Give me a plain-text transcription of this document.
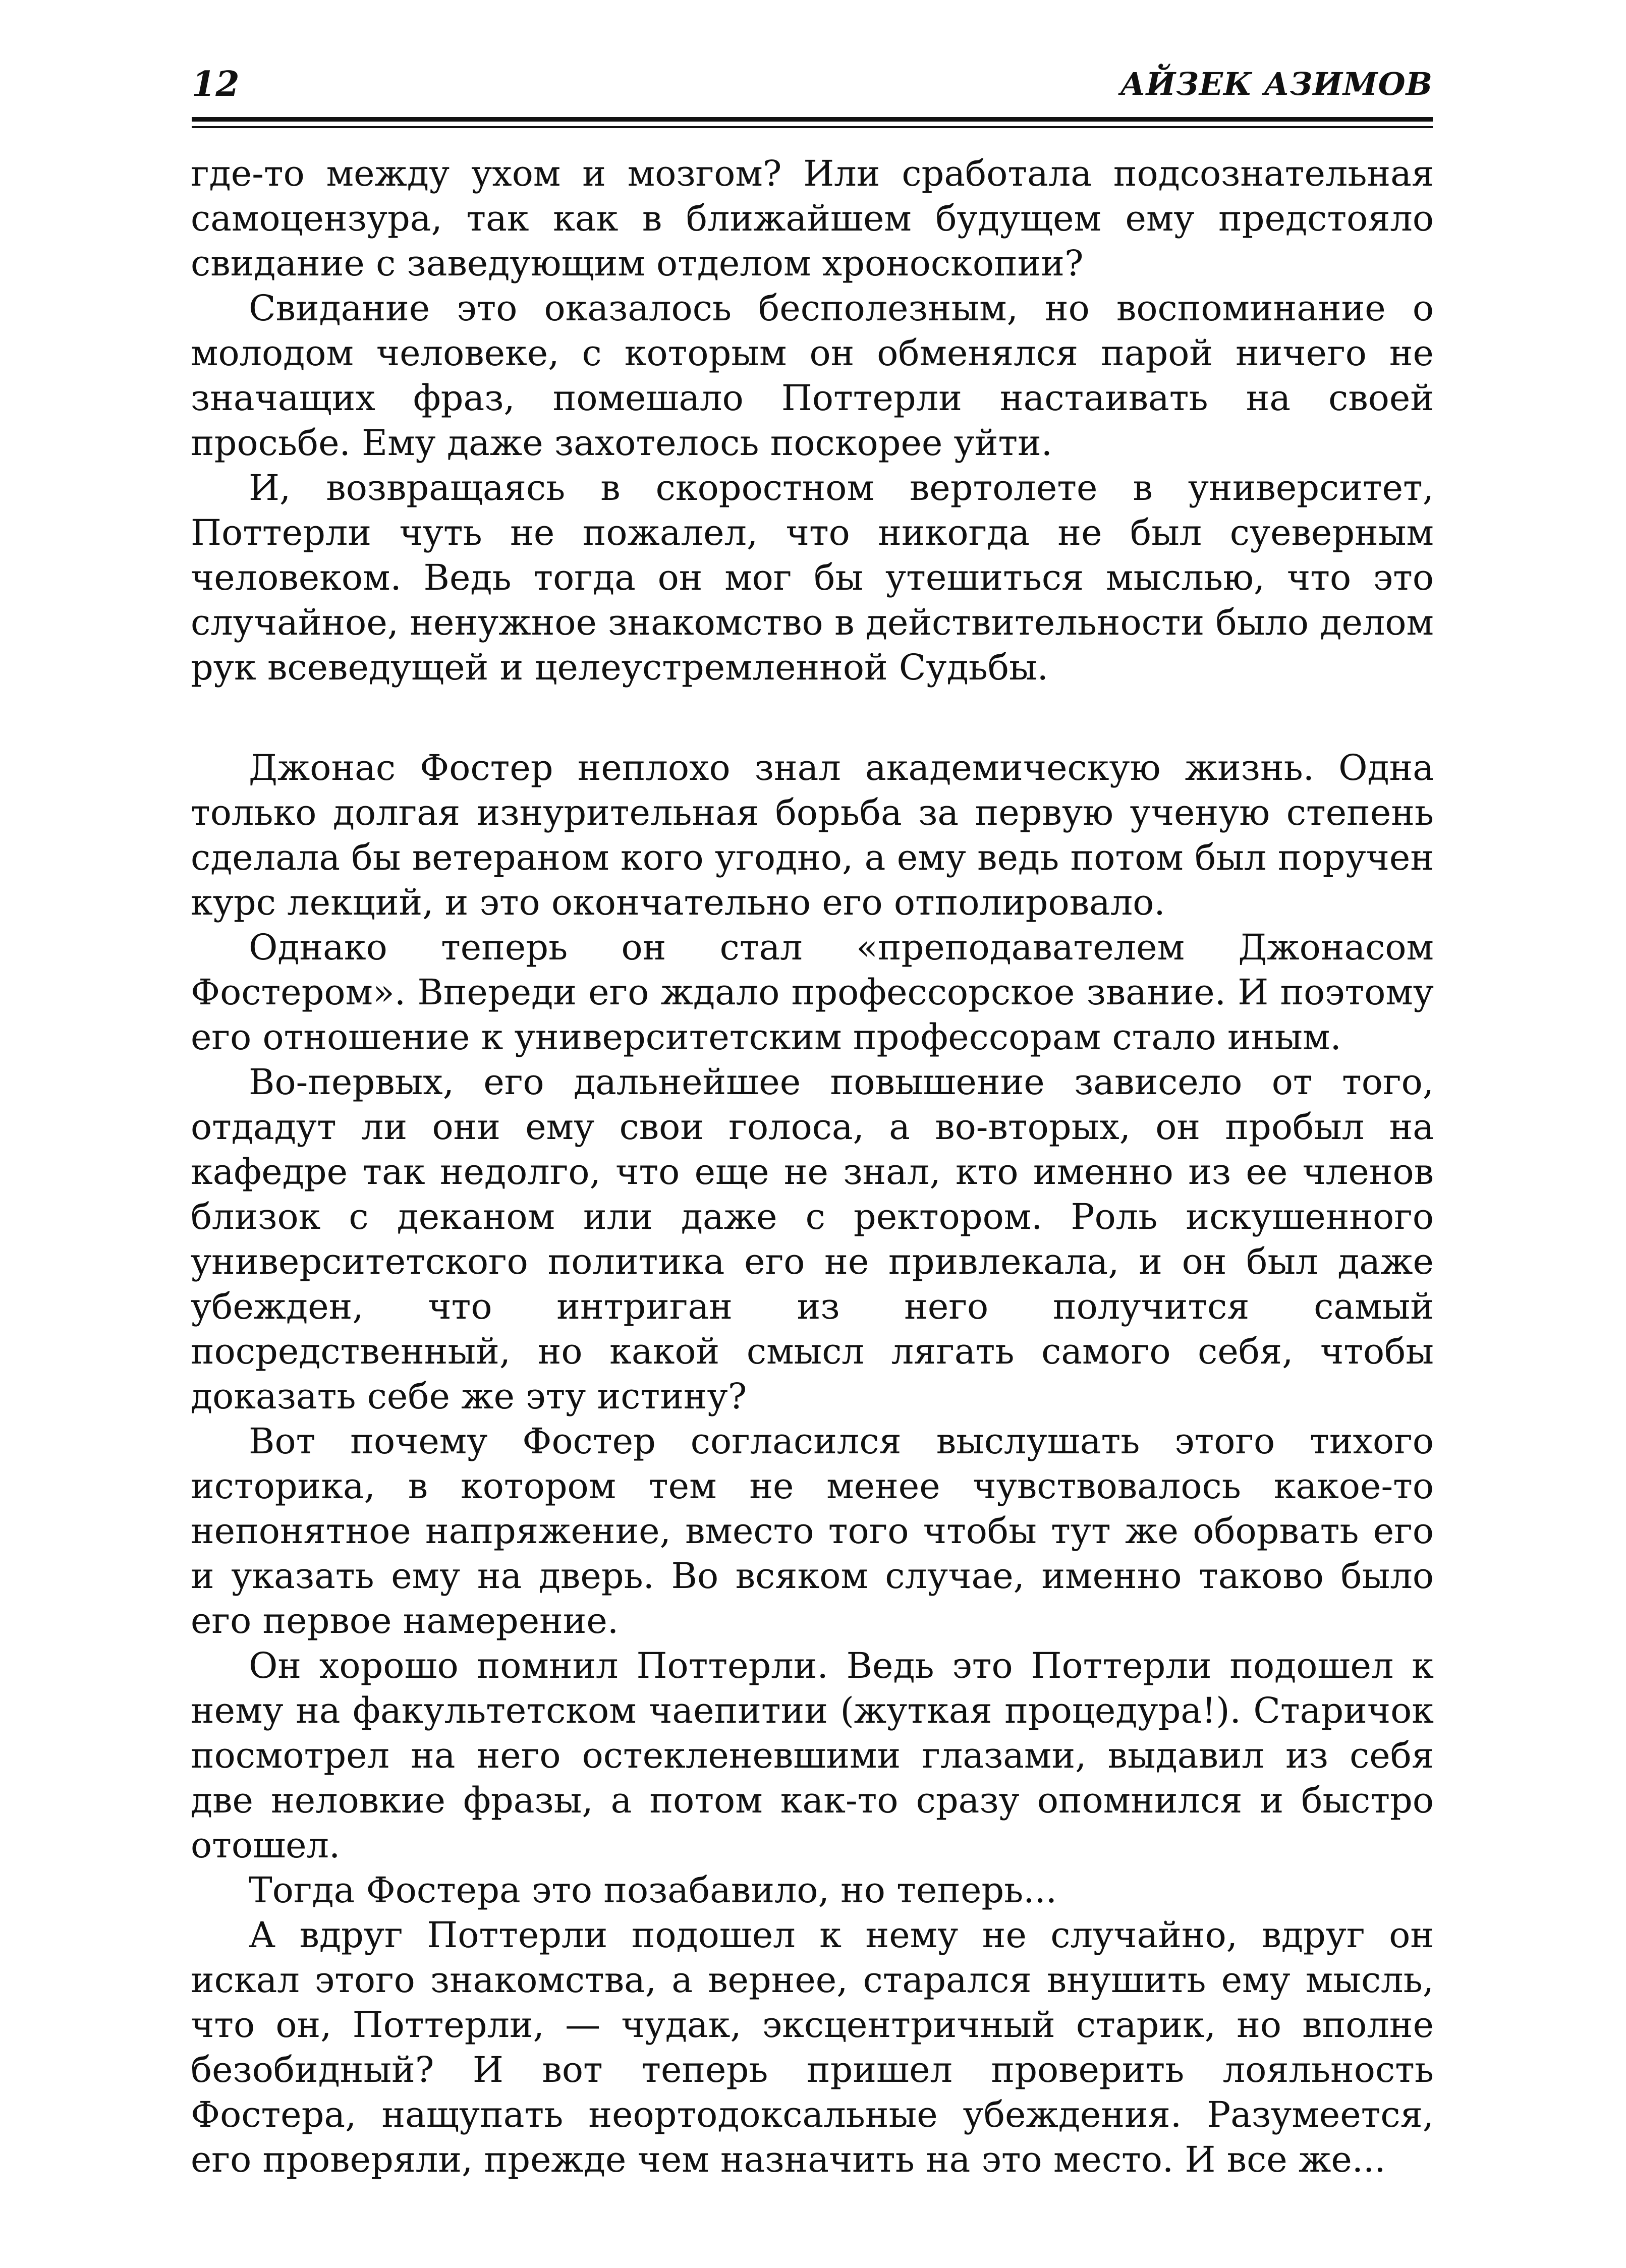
12	АЙЗЕК АЗИМОВ

где-то между ухом и мозгом? Или сработала подсознательная самоцензура, так как в ближайшем будущем ему предстояло свидание с заведующим отделом хроноскопии?

Свидание это оказалось бесполезным, но воспоминание о молодом человеке, с которым он обменялся парой ничего не значащих фраз, помешало Поттерли настаивать на своей просьбе. Ему даже захотелось поскорее уйти.

И, возвращаясь в скоростном вертолете в университет, Поттерли чуть не пожалел, что никогда не был суеверным человеком. Ведь тогда он мог бы утешиться мыслью, что это случайное, ненужное знакомство в действительности было делом рук всеведущей и целеустремленной Судьбы.

Джонас Фостер неплохо знал академическую жизнь. Одна только долгая изнурительная борьба за первую ученую степень сделала бы ветераном кого угодно, а ему ведь потом был поручен курс лекций, и это окончательно его отполировало.

Однако теперь он стал «преподавателем Джонасом Фостером». Впереди его ждало профессорское звание. И поэтому его отношение к университетским профессорам стало иным.

Во-первых, его дальнейшее повышение зависело от того, отдадут ли они ему свои голоса, а во-вторых, он пробыл на кафедре так недолго, что еще не знал, кто именно из ее членов близок с деканом или даже с ректором. Роль искушенного университетского политика его не привлекала, и он был даже убежден, что интриган из него получится самый посредственный, но какой смысл лягать самого себя, чтобы доказать себе же эту истину?

Вот почему Фостер согласился выслушать этого тихого историка, в котором тем не менее чувствовалось какое-то непонятное напряжение, вместо того чтобы тут же оборвать его и указать ему на дверь. Во всяком случае, именно таково было его первое намерение.

Он хорошо помнил Поттерли. Ведь это Поттерли подошел к нему на факультетском чаепитии (жуткая процедура!). Старичок посмотрел на него остекленевшими глазами, выдавил из себя две неловкие фразы, а потом как-то сразу опомнился и быстро отошел.

Тогда Фостера это позабавило, но теперь...

А вдруг Поттерли подошел к нему не случайно, вдруг он искал этого знакомства, а вернее, старался внушить ему мысль, что он, Поттерли, — чудак, эксцентричный старик, но вполне безобидный? И вот теперь пришел проверить лояльность Фостера, нащупать неортодоксальные убеждения. Разумеется, его проверяли, прежде чем назначить на это место. И все же...
